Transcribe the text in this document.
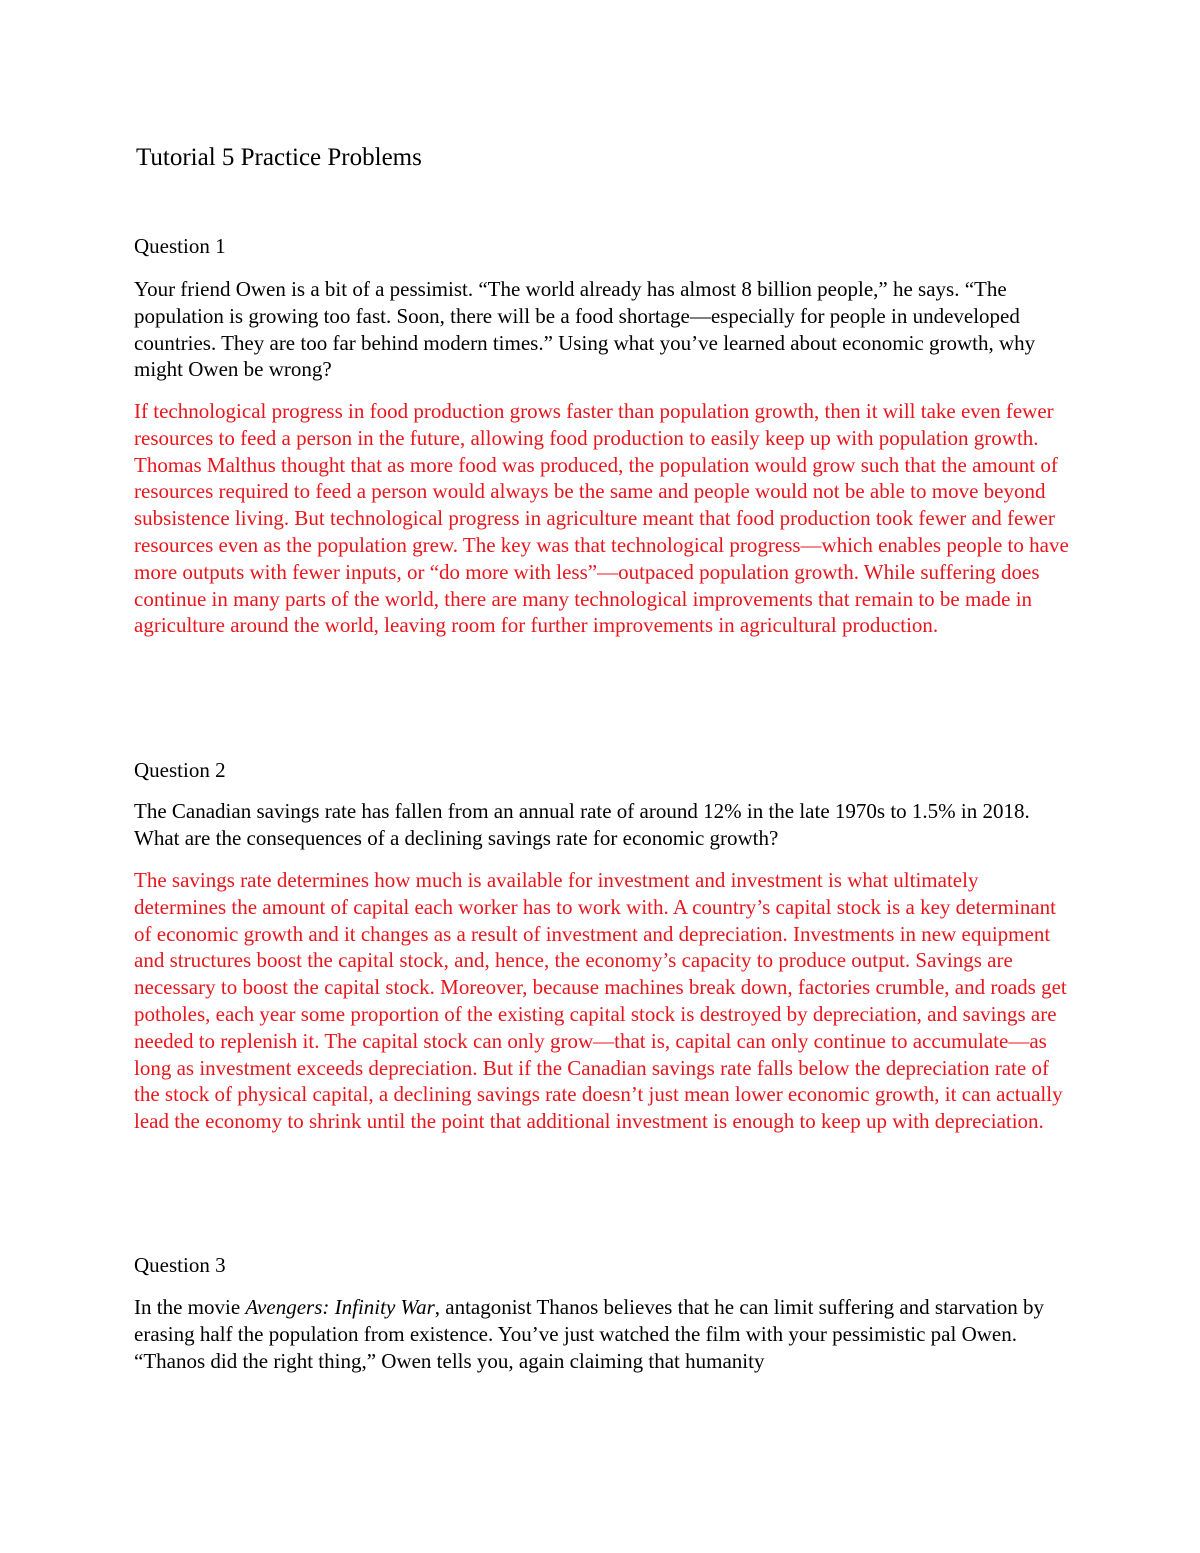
Tutorial 5 Practice Problems

Question 1

Your friend Owen is a bit of a pessimist. “The world already has almost 8 billion people,” he says. “The population is growing too fast. Soon, there will be a food shortage—especially for people in undeveloped countries. They are too far behind modern times.” Using what you’ve learned about economic growth, why might Owen be wrong?

If technological progress in food production grows faster than population growth, then it will take even fewer resources to feed a person in the future, allowing food production to easily keep up with population growth. Thomas Malthus thought that as more food was produced, the population would grow such that the amount of resources required to feed a person would always be the same and people would not be able to move beyond subsistence living. But technological progress in agriculture meant that food production took fewer and fewer resources even as the population grew. The key was that technological progress—which enables people to have more outputs with fewer inputs, or “do more with less”—outpaced population growth. While suffering does continue in many parts of the world, there are many technological improvements that remain to be made in agriculture around the world, leaving room for further improvements in agricultural production.

Question 2

The Canadian savings rate has fallen from an annual rate of around 12% in the late 1970s to 1.5% in 2018. What are the consequences of a declining savings rate for economic growth?

The savings rate determines how much is available for investment and investment is what ultimately determines the amount of capital each worker has to work with. A country’s capital stock is a key determinant of economic growth and it changes as a result of investment and depreciation. Investments in new equipment and structures boost the capital stock, and, hence, the economy’s capacity to produce output. Savings are necessary to boost the capital stock. Moreover, because machines break down, factories crumble, and roads get potholes, each year some proportion of the existing capital stock is destroyed by depreciation, and savings are needed to replenish it. The capital stock can only grow—that is, capital can only continue to accumulate—as long as investment exceeds depreciation. But if the Canadian savings rate falls below the depreciation rate of the stock of physical capital, a declining savings rate doesn’t just mean lower economic growth, it can actually lead the economy to shrink until the point that additional investment is enough to keep up with depreciation.

Question 3

In the movie Avengers: Infinity War, antagonist Thanos believes that he can limit suffering and starvation by erasing half the population from existence. You’ve just watched the film with your pessimistic pal Owen. “Thanos did the right thing,” Owen tells you, again claiming that humanity
